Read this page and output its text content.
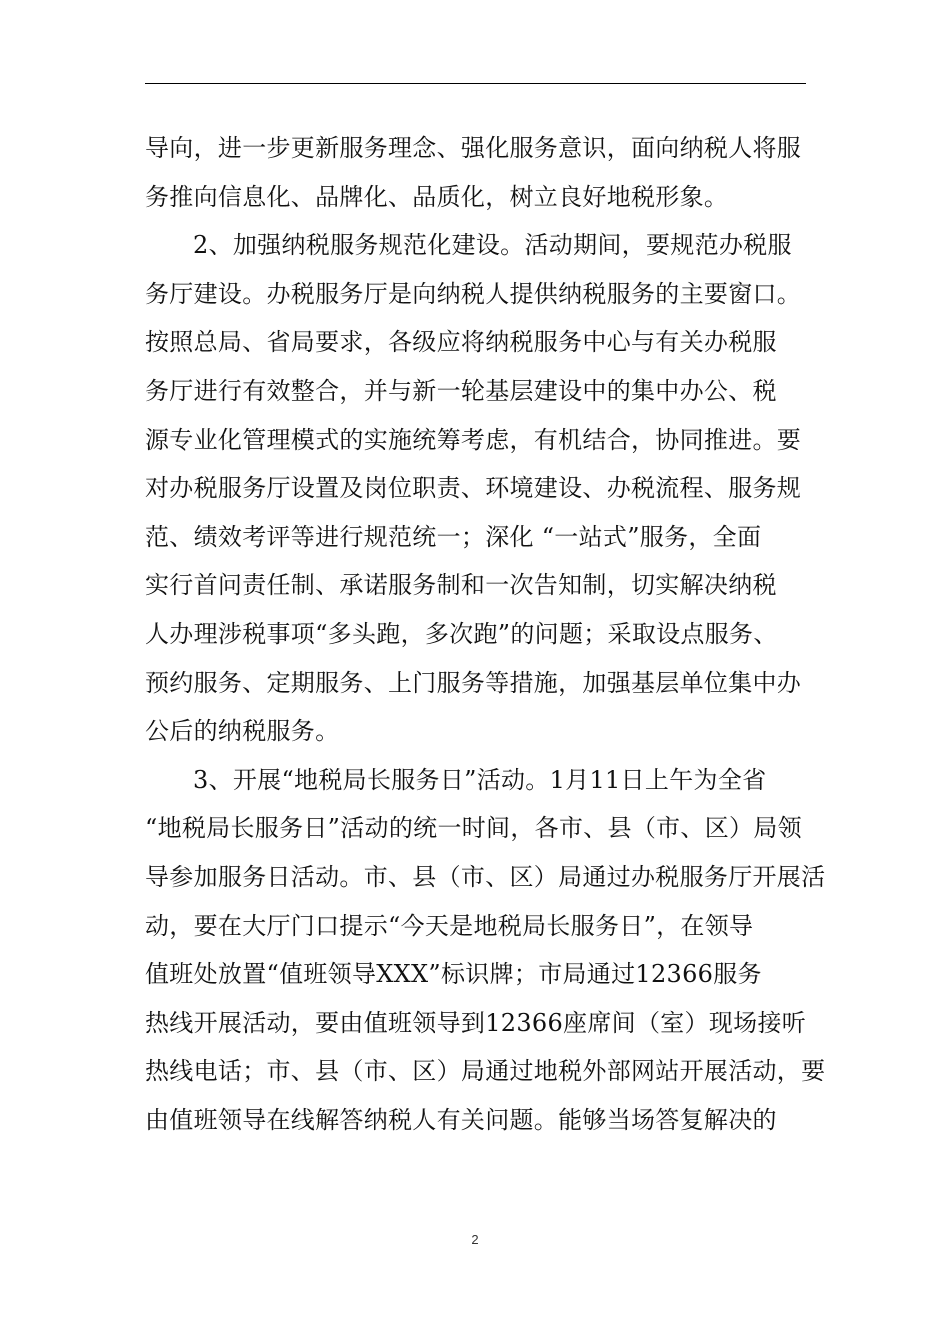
导向，进一步更新服务理念、强化服务意识，面向纳税人将服
务推向信息化、品牌化、品质化，树立良好地税形象。
2、加强纳税服务规范化建设。活动期间，要规范办税服
务厅建设。办税服务厅是向纳税人提供纳税服务的主要窗口。
按照总局、省局要求，各级应将纳税服务中心与有关办税服
务厅进行有效整合，并与新一轮基层建设中的集中办公、税
源专业化管理模式的实施统筹考虑，有机结合，协同推进。要
对办税服务厅设置及岗位职责、环境建设、办税流程、服务规
范、绩效考评等进行规范统一；深化 “一站式”服务，全面
实行首问责任制、承诺服务制和一次告知制，切实解决纳税
人办理涉税事项“多头跑，多次跑”的问题；采取设点服务、
预约服务、定期服务、上门服务等措施，加强基层单位集中办
公后的纳税服务。
3、开展“地税局长服务日”活动。1月11日上午为全省
“地税局长服务日”活动的统一时间，各市、县（市、区）局领
导参加服务日活动。市、县（市、区）局通过办税服务厅开展活
动，要在大厅门口提示“今天是地税局长服务日”，在领导
值班处放置“值班领导XXX”标识牌；市局通过12366服务
热线开展活动，要由值班领导到12366座席间（室）现场接听
热线电话；市、县（市、区）局通过地税外部网站开展活动，要
由值班领导在线解答纳税人有关问题。能够当场答复解决的
2
